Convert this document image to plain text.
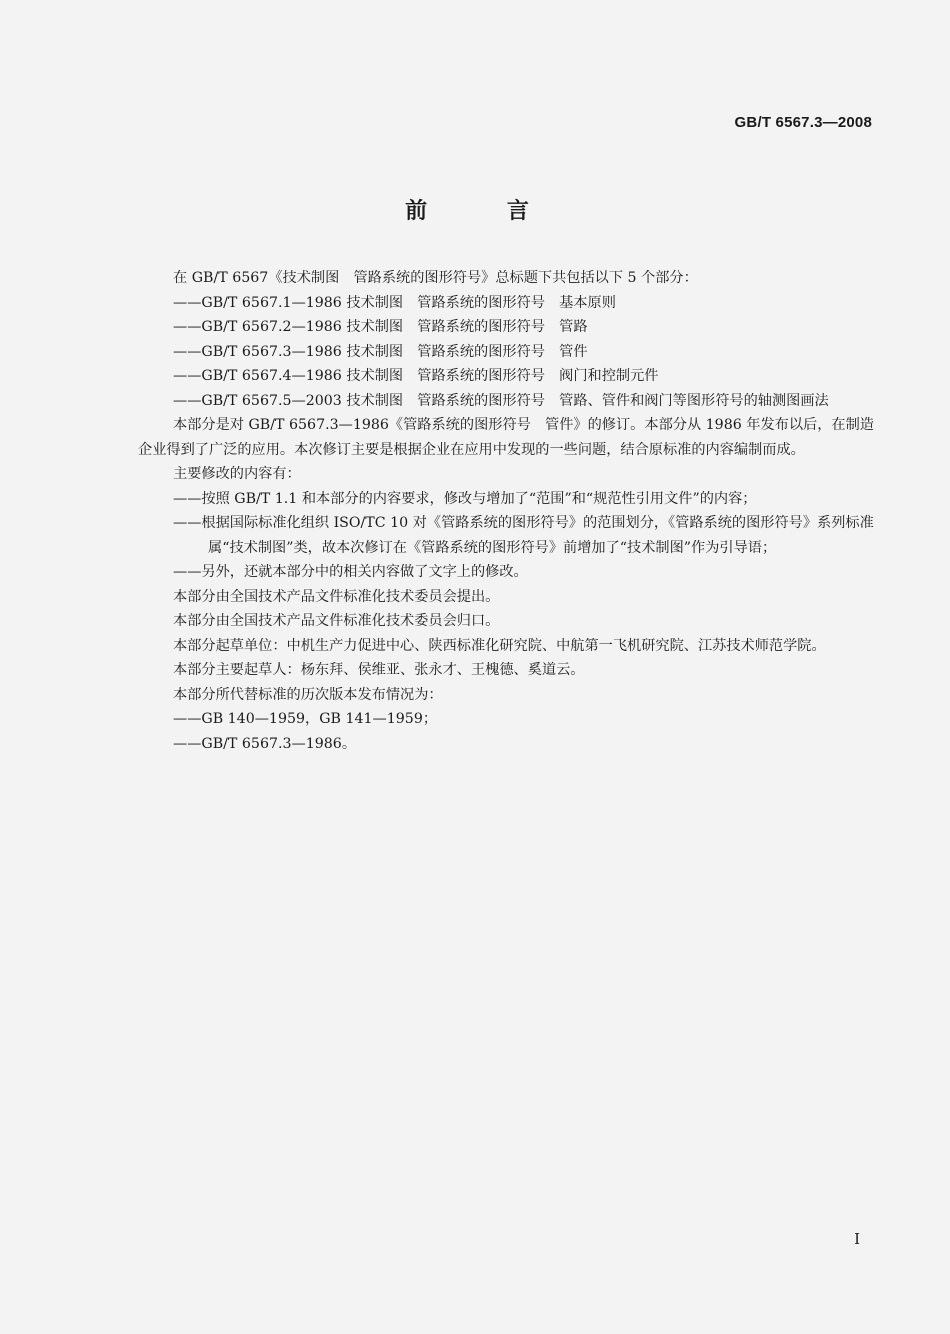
GB/T 6567.3—2008
前 言

在 GB/T 6567《技术制图　管路系统的图形符号》总标题下共包括以下 5 个部分：

——GB/T 6567.1—1986 技术制图　管路系统的图形符号　基本原则

——GB/T 6567.2—1986 技术制图　管路系统的图形符号　管路

——GB/T 6567.3—1986 技术制图　管路系统的图形符号　管件

——GB/T 6567.4—1986 技术制图　管路系统的图形符号　阀门和控制元件

——GB/T 6567.5—2003 技术制图　管路系统的图形符号　管路、管件和阀门等图形符号的轴测图画法

本部分是对 GB/T 6567.3—1986《管路系统的图形符号　管件》的修订。本部分从 1986 年发布以后，在制造企业得到了广泛的应用。本次修订主要是根据企业在应用中发现的一些问题，结合原标准的内容编制而成。

主要修改的内容有：

——按照 GB/T 1.1 和本部分的内容要求，修改与增加了“范围”和“规范性引用文件”的内容；

——根据国际标准化组织 ISO/TC 10 对《管路系统的图形符号》的范围划分，《管路系统的图形符号》系列标准属“技术制图”类，故本次修订在《管路系统的图形符号》前增加了“技术制图”作为引导语；

——另外，还就本部分中的相关内容做了文字上的修改。

本部分由全国技术产品文件标准化技术委员会提出。

本部分由全国技术产品文件标准化技术委员会归口。

本部分起草单位：中机生产力促进中心、陕西标准化研究院、中航第一飞机研究院、江苏技术师范学院。

本部分主要起草人：杨东拜、侯维亚、张永才、王槐德、奚道云。

本部分所代替标准的历次版本发布情况为：

——GB 140—1959，GB 141—1959；

——GB/T 6567.3—1986。

I
